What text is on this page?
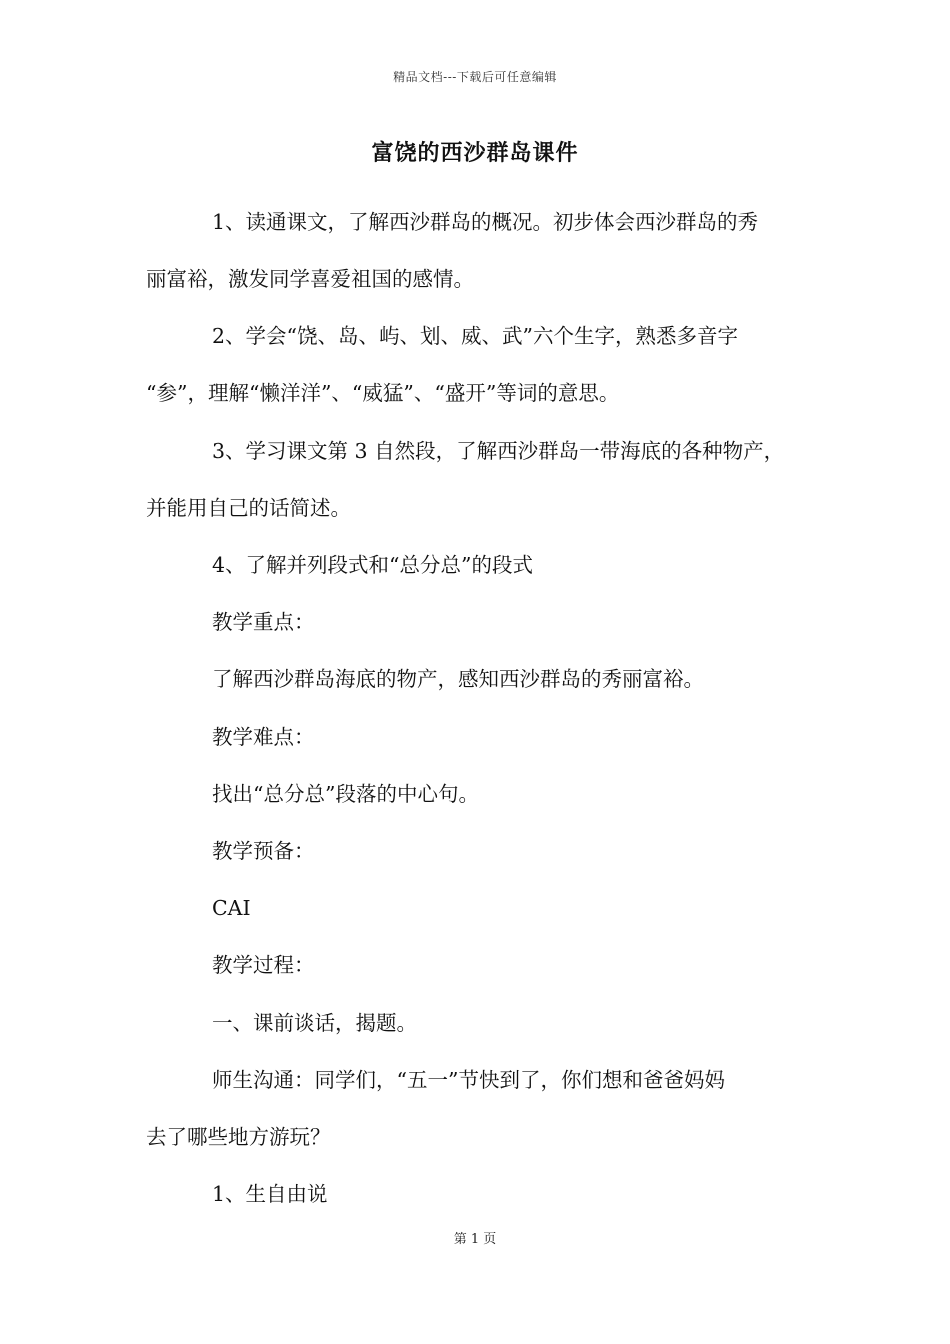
精品文档---下载后可任意编辑
富饶的西沙群岛课件
1、读通课文，了解西沙群岛的概况。初步体会西沙群岛的秀
丽富裕，激发同学喜爱祖国的感情。
2、学会“饶、岛、屿、划、威、武”六个生字，熟悉多音字
“参”，理解“懒洋洋”、“威猛”、“盛开”等词的意思。
3、学习课文第 3 自然段，了解西沙群岛一带海底的各种物产，
并能用自己的话简述。
4、了解并列段式和“总分总”的段式
教学重点：
了解西沙群岛海底的物产，感知西沙群岛的秀丽富裕。
教学难点：
找出“总分总”段落的中心句。
教学预备：
CAI
教学过程：
一、课前谈话，揭题。
师生沟通：同学们，“五一”节快到了，你们想和爸爸妈妈
去了哪些地方游玩？
1、生自由说
第 1 页
